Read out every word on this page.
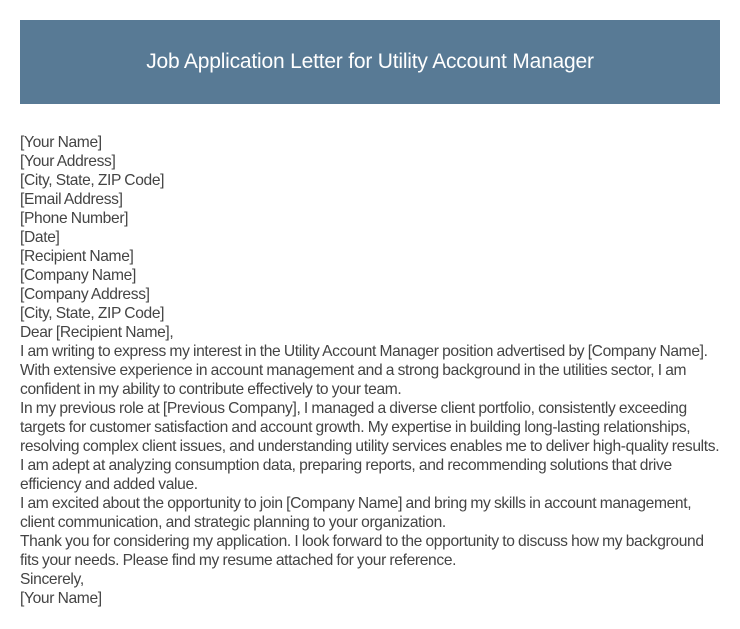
Job Application Letter for Utility Account Manager

[Your Name]

[Your Address]

[City, State, ZIP Code]

[Email Address]

[Phone Number]

[Date]

[Recipient Name]

[Company Name]

[Company Address]

[City, State, ZIP Code]

Dear [Recipient Name],

I am writing to express my interest in the Utility Account Manager position advertised by [Company Name]. With extensive experience in account management and a strong background in the utilities sector, I am confident in my ability to contribute effectively to your team.

In my previous role at [Previous Company], I managed a diverse client portfolio, consistently exceeding targets for customer satisfaction and account growth. My expertise in building long-lasting relationships, resolving complex client issues, and understanding utility services enables me to deliver high-quality results. I am adept at analyzing consumption data, preparing reports, and recommending solutions that drive efficiency and added value.

I am excited about the opportunity to join [Company Name] and bring my skills in account management, client communication, and strategic planning to your organization.

Thank you for considering my application. I look forward to the opportunity to discuss how my background fits your needs. Please find my resume attached for your reference.

Sincerely,

[Your Name]
